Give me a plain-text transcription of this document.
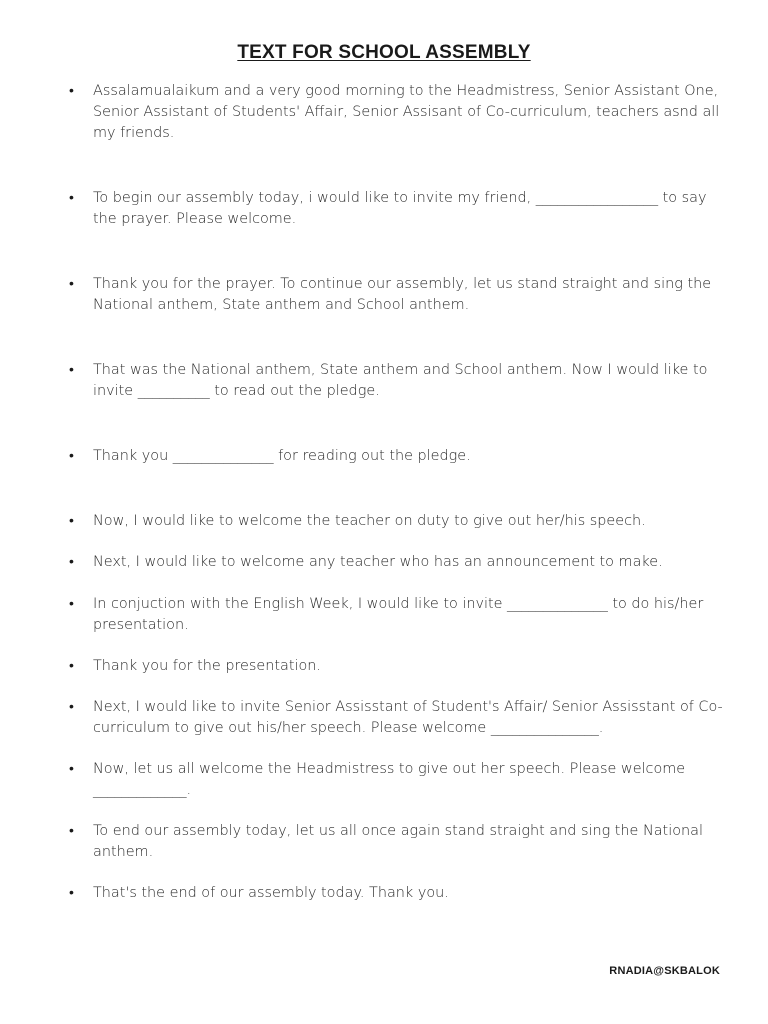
TEXT FOR SCHOOL ASSEMBLY
• Assalamualaikum and a very good morning to the Headmistress, Senior Assistant One, Senior Assistant of Students' Affair, Senior Assisant of Co-curriculum, teachers asnd all my friends.
• To begin our assembly today, i would like to invite my friend, _________________ to say the prayer. Please welcome.
• Thank you for the prayer. To continue our assembly, let us stand straight and sing the National anthem, State anthem and School anthem.
• That was the National anthem, State anthem and School anthem. Now I would like to invite __________ to read out the pledge.
• Thank you ______________ for reading out the pledge.
• Now, I would like to welcome the teacher on duty to give out her/his speech.
• Next, I would like to welcome any teacher who has an announcement to make.
• In conjuction with the English Week, I would like to invite ______________ to do his/her presentation.
• Thank you for the presentation.
• Next, I would like to invite Senior Assisstant of Student's Affair/ Senior Assisstant of Co-curriculum to give out his/her speech. Please welcome _______________.
• Now, let us all welcome the Headmistress to give out her speech. Please welcome _____________.
• To end our assembly today, let us all once again stand straight and sing the National anthem.
• That's the end of our assembly today. Thank you.
RNADIA@SKBALOK
